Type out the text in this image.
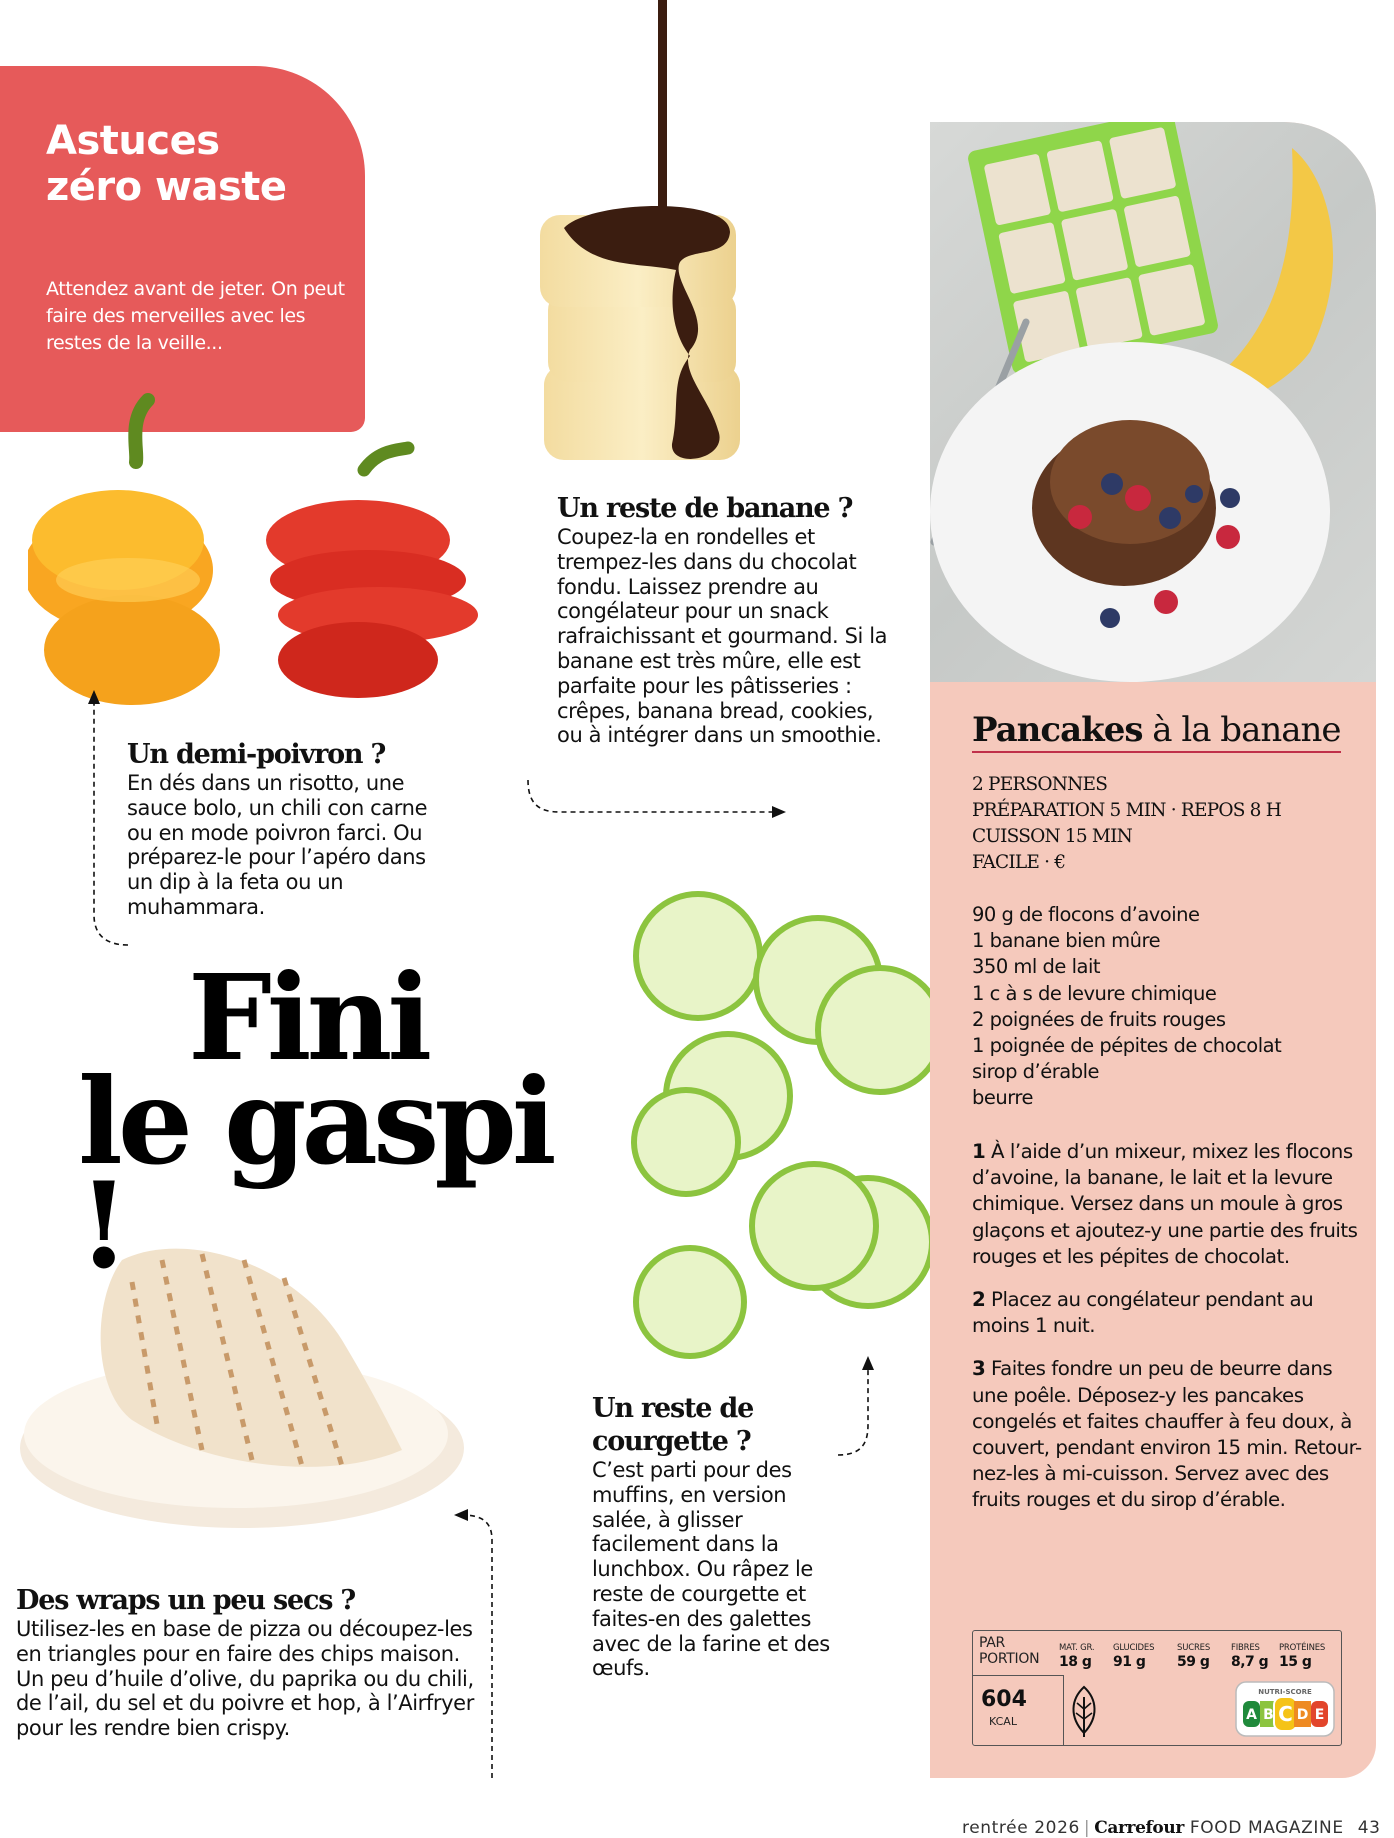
Astuces
zéro waste

Attendez avant de jeter. On peut faire des merveilles avec les restes de la veille...

Un reste de banane ?

Coupez-la en rondelles et trempez-les dans du chocolat fondu. Laissez prendre au congélateur pour un snack rafraichissant et gourmand. Si la banane est très mûre, elle est parfaite pour les pâtisseries : crêpes, banana bread, cookies, ou à intégrer dans un smoothie.

Un demi-poivron ?

En dés dans un risotto, une sauce bolo, un chili con carne ou en mode poivron farci. Ou préparez-le pour l’apéro dans un dip à la feta ou un muhammara.

Un reste de
courgette ?

C’est parti pour des muffins, en version salée, à glisser facilement dans la lunchbox. Ou râpez le reste de courgette et faites-en des galettes avec de la farine et des œufs.

Des wraps un peu secs ?

Utilisez-les en base de pizza ou découpez-les en triangles pour en faire des chips maison. Un peu d’huile d’olive, du paprika ou du chili, de l’ail, du sel et du poivre et hop, à l’Airfryer pour les rendre bien crispy.

Fini
le gaspi !
Pancakes à la banane
2 PERSONNES
PRÉPARATION 5 MIN · REPOS 8 H
CUISSON 15 MIN
FACILE · €
90 g de flocons d’avoine
1 banane bien mûre
350 ml de lait
1 c à s de levure chimique
2 poignées de fruits rouges
1 poignée de pépites de chocolat
sirop d’érable
beurre

1 À l’aide d’un mixeur, mixez les flocons d’avoine, la banane, le lait et la levure chimique. Versez dans un moule à gros glaçons et ajoutez-y une partie des fruits rouges et les pépites de chocolat.

2 Placez au congélateur pendant au moins 1 nuit.

3 Faites fondre un peu de beurre dans une poêle. Déposez-y les pancakes congelés et faites chauffer à feu doux, à couvert, pendant environ 15 min. Retour-nez-les à mi-cuisson. Servez avec des fruits rouges et du sirop d’érable.

PAR
PORTION
MAT. GR.
18 g
GLUCIDES
91 g
SUCRES
59 g
FIBRES
8,7 g
PROTÉINES
15 g
604
KCAL
NUTRI-SCORE
A B C D E
rentrée 2026 | Carrefour FOOD MAGAZINE 43
